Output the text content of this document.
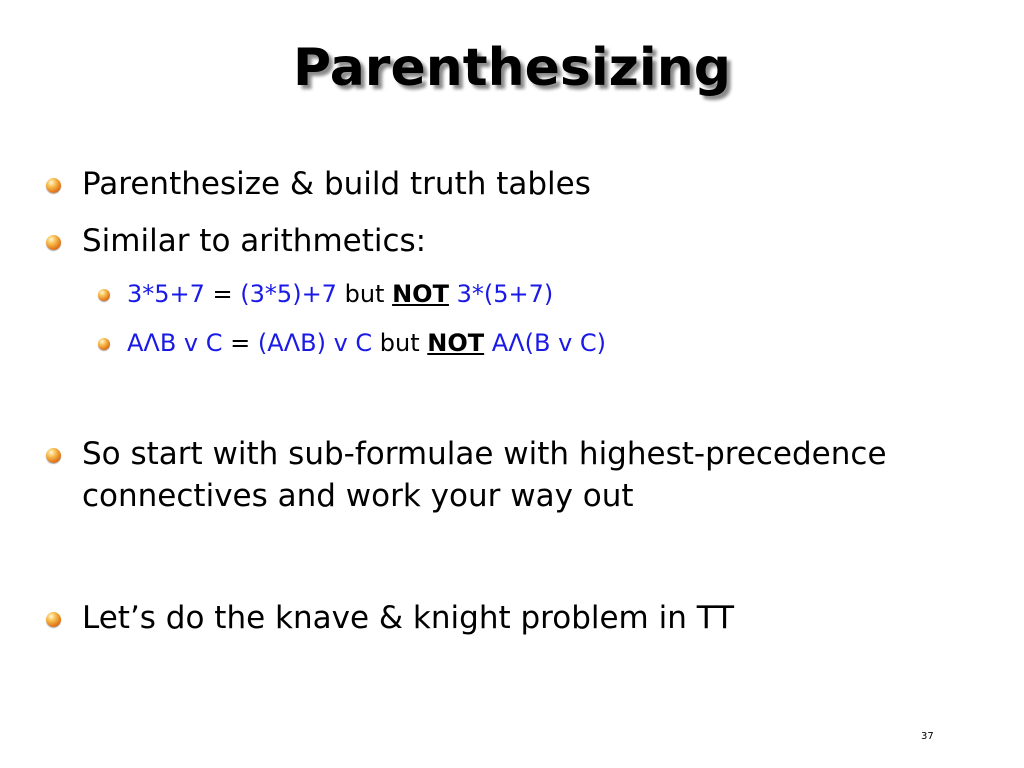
Parenthesizing
Parenthesize & build truth tables
Similar to arithmetics:
3*5+7 = (3*5)+7 but NOT 3*(5+7)
AΛB v C = (AΛB) v C but NOT AΛ(B v C)
So start with sub-formulae with highest-precedence connectives and work your way out
Let’s do the knave & knight problem in TT
37
